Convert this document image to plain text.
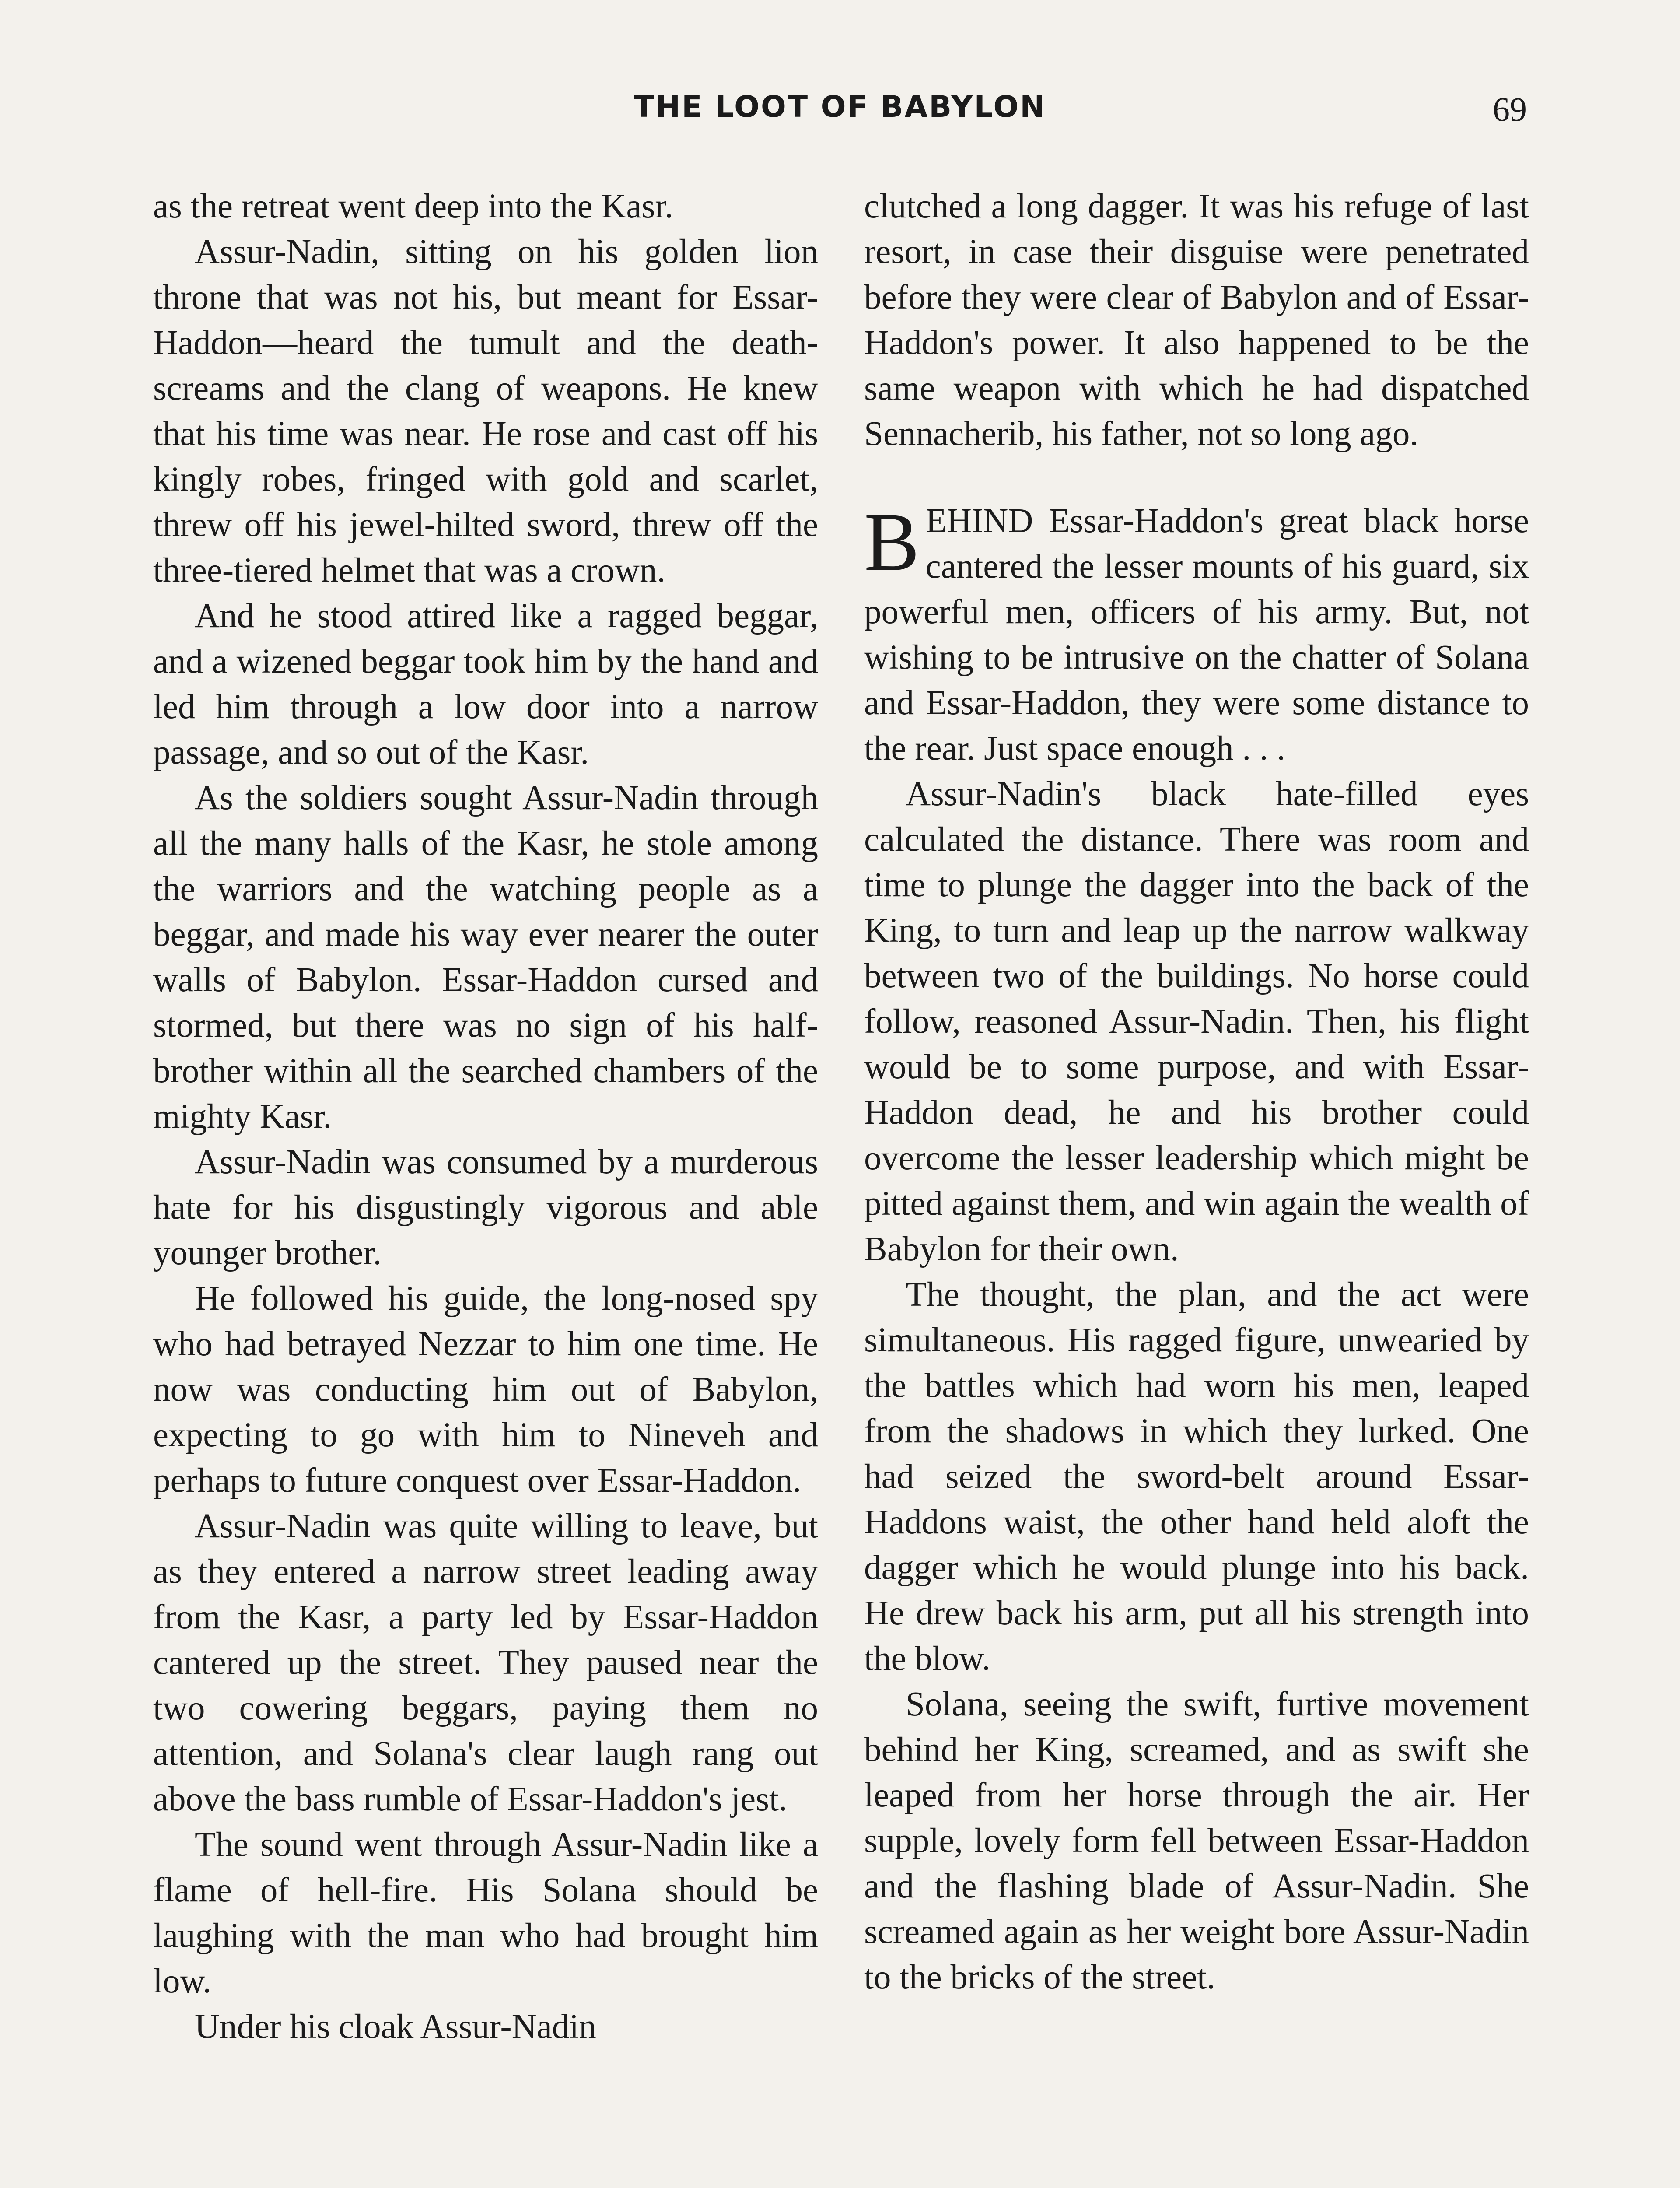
THE LOOT OF BABYLON	69

as the retreat went deep into the Kasr.

Assur-Nadin, sitting on his golden lion throne that was not his, but meant for Essar-Haddon—heard the tumult and the death-screams and the clang of weapons. He knew that his time was near. He rose and cast off his kingly robes, fringed with gold and scarlet, threw off his jewel-hilted sword, threw off the three-tiered helmet that was a crown.

And he stood attired like a ragged beggar, and a wizened beggar took him by the hand and led him through a low door into a narrow passage, and so out of the Kasr.

As the soldiers sought Assur-Nadin through all the many halls of the Kasr, he stole among the warriors and the watching people as a beggar, and made his way ever nearer the outer walls of Babylon. Essar-Haddon cursed and stormed, but there was no sign of his half-brother within all the searched chambers of the mighty Kasr.

Assur-Nadin was consumed by a murderous hate for his disgustingly vigorous and able younger brother.

He followed his guide, the long-nosed spy who had betrayed Nezzar to him one time. He now was conducting him out of Babylon, expecting to go with him to Nineveh and perhaps to future conquest over Essar-Haddon.

Assur-Nadin was quite willing to leave, but as they entered a narrow street leading away from the Kasr, a party led by Essar-Haddon cantered up the street. They paused near the two cowering beggars, paying them no attention, and Solana's clear laugh rang out above the bass rumble of Essar-Haddon's jest.

The sound went through Assur-Nadin like a flame of hell-fire. His Solana should be laughing with the man who had brought him low.

Under his cloak Assur-Nadin

clutched a long dagger. It was his refuge of last resort, in case their disguise were penetrated before they were clear of Babylon and of Essar-Haddon's power. It also happened to be the same weapon with which he had dispatched Sennacherib, his father, not so long ago.

BEHIND Essar-Haddon's great black horse cantered the lesser mounts of his guard, six powerful men, officers of his army. But, not wishing to be intrusive on the chatter of Solana and Essar-Haddon, they were some distance to the rear. Just space enough . . .

Assur-Nadin's black hate-filled eyes calculated the distance. There was room and time to plunge the dagger into the back of the King, to turn and leap up the narrow walkway between two of the buildings. No horse could follow, reasoned Assur-Nadin. Then, his flight would be to some purpose, and with Essar-Haddon dead, he and his brother could overcome the lesser leadership which might be pitted against them, and win again the wealth of Babylon for their own.

The thought, the plan, and the act were simultaneous. His ragged figure, unwearied by the battles which had worn his men, leaped from the shadows in which they lurked. One had seized the sword-belt around Essar-Haddons waist, the other hand held aloft the dagger which he would plunge into his back. He drew back his arm, put all his strength into the blow.

Solana, seeing the swift, furtive movement behind her King, screamed, and as swift she leaped from her horse through the air. Her supple, lovely form fell between Essar-Haddon and the flashing blade of Assur-Nadin. She screamed again as her weight bore Assur-Nadin to the bricks of the street.
